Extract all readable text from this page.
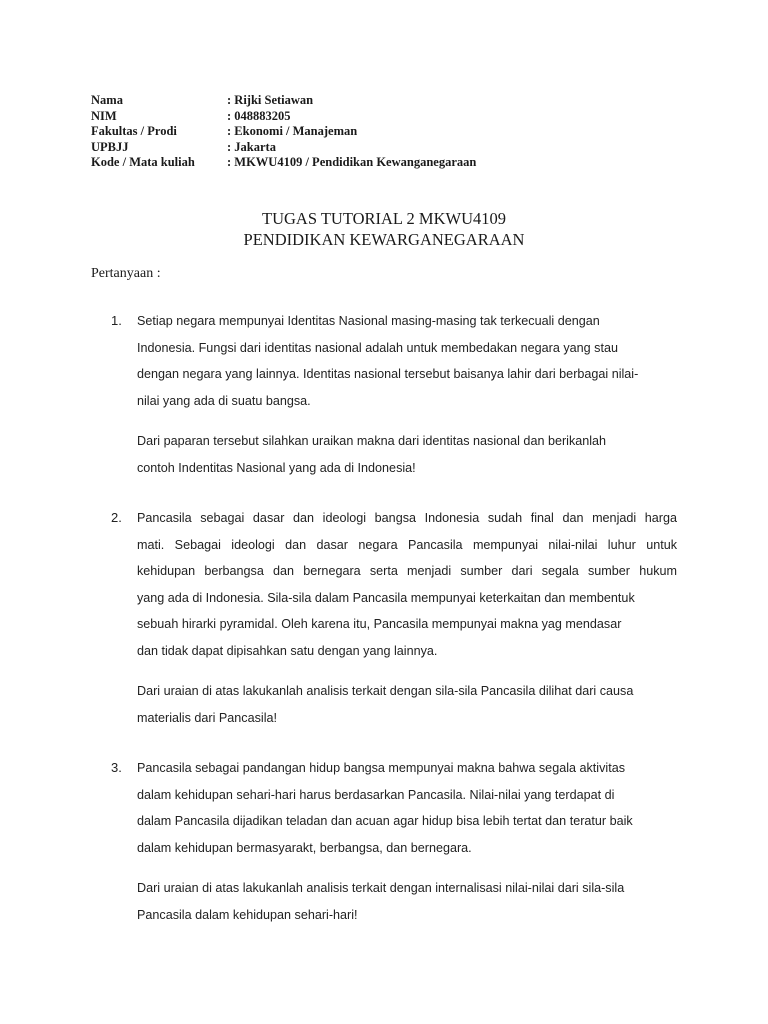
Nama	: Rijki Setiawan
NIM	: 048883205
Fakultas / Prodi	: Ekonomi / Manajeman
UPBJJ	: Jakarta
Kode / Mata kuliah	: MKWU4109 / Pendidikan Kewanganegaraan
TUGAS TUTORIAL 2 MKWU4109
PENDIDIKAN KEWARGANEGARAAN
Pertanyaan :
1. Setiap negara mempunyai Identitas Nasional masing-masing tak terkecuali dengan
Indonesia. Fungsi dari identitas nasional adalah untuk membedakan negara yang stau
dengan negara yang lainnya. Identitas nasional tersebut baisanya lahir dari berbagai nilai-
nilai yang ada di suatu bangsa.

Dari paparan tersebut silahkan uraikan makna dari identitas nasional dan berikanlah
contoh Indentitas Nasional yang ada di Indonesia!

2. Pancasila sebagai dasar dan ideologi bangsa Indonesia sudah final dan menjadi harga
mati. Sebagai ideologi dan dasar negara Pancasila mempunyai nilai-nilai luhur untuk
kehidupan berbangsa dan bernegara serta menjadi sumber dari segala sumber hukum
yang ada di Indonesia. Sila-sila dalam Pancasila mempunyai keterkaitan dan membentuk
sebuah hirarki pyramidal. Oleh karena itu, Pancasila mempunyai makna yag mendasar
dan tidak dapat dipisahkan satu dengan yang lainnya.

Dari uraian di atas lakukanlah analisis terkait dengan sila-sila Pancasila dilihat dari causa
materialis dari Pancasila!

3. Pancasila sebagai pandangan hidup bangsa mempunyai makna bahwa segala aktivitas
dalam kehidupan sehari-hari harus berdasarkan Pancasila. Nilai-nilai yang terdapat di
dalam Pancasila dijadikan teladan dan acuan agar hidup bisa lebih tertat dan teratur baik
dalam kehidupan bermasyarakt, berbangsa, dan bernegara.

Dari uraian di atas lakukanlah analisis terkait dengan internalisasi nilai-nilai dari sila-sila
Pancasila dalam kehidupan sehari-hari!
